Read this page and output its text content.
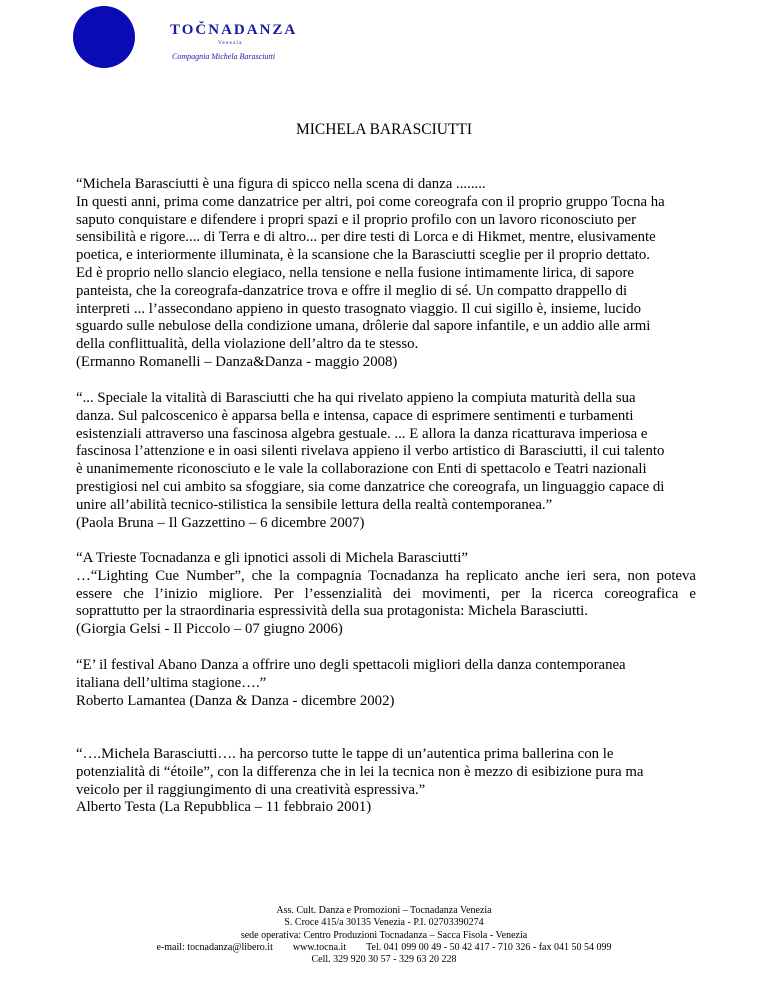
TOČNADANZA
Venezia
Compagnia Michela Barasciutti
MICHELA BARASCIUTTI
“Michela Barasciutti è una figura di spicco nella scena di danza ........
In questi anni, prima come danzatrice per altri, poi come coreografa con il proprio gruppo Tocna ha
saputo conquistare e difendere i propri spazi e il proprio profilo con un lavoro riconosciuto per
sensibilità e rigore.... di Terra e di altro... per dire testi di Lorca e di Hikmet, mentre, elusivamente
poetica, e interiormente illuminata, è la scansione che la Barasciutti sceglie per il proprio dettato.
Ed è proprio nello slancio elegiaco, nella tensione e nella fusione intimamente lirica, di sapore
panteista, che la coreografa-danzatrice trova e offre il meglio di sé. Un compatto drappello di
interpreti ... l’assecondano appieno in questo trasognato viaggio. Il cui sigillo è, insieme, lucido
sguardo sulle nebulose della condizione umana, drôlerie dal sapore infantile, e un addio alle armi
della conflittualità, della violazione dell’altro da te stesso.
(Ermanno Romanelli – Danza&Danza - maggio 2008)
“... Speciale la vitalità di Barasciutti che ha qui rivelato appieno la compiuta maturità della sua
danza. Sul palcoscenico è apparsa bella e intensa, capace di esprimere sentimenti e turbamenti
esistenziali attraverso una fascinosa algebra gestuale. ... E allora la danza ricatturava imperiosa e
fascinosa l’attenzione e in oasi silenti rivelava appieno il verbo artistico di Barasciutti, il cui talento
è unanimemente riconosciuto e le vale la collaborazione con Enti di spettacolo e Teatri nazionali
prestigiosi nel cui ambito sa sfoggiare, sia come danzatrice che coreografa, un linguaggio capace di
unire all’abilità tecnico-stilistica la sensibile lettura della realtà contemporanea.”
(Paola Bruna – Il Gazzettino – 6 dicembre 2007)
“A Trieste Tocnadanza e gli ipnotici assoli di Michela Barasciutti”
…“Lighting Cue Number”, che la compagnia Tocnadanza ha replicato anche ieri sera, non poteva
essere che l’inizio migliore. Per l’essenzialità dei movimenti, per la ricerca coreografica e
soprattutto per la straordinaria espressività della sua protagonista: Michela Barasciutti.
(Giorgia Gelsi - Il Piccolo – 07 giugno 2006)
“E’ il festival Abano Danza a offrire uno degli spettacoli migliori della danza contemporanea
italiana dell’ultima stagione….”
Roberto Lamantea (Danza & Danza - dicembre 2002)
“….Michela Barasciutti…. ha percorso tutte le tappe di un’autentica prima ballerina con le
potenzialità di “étoile”, con la differenza che in lei la tecnica non è mezzo di esibizione pura ma
veicolo per il raggiungimento di una creatività espressiva.”
Alberto Testa (La Repubblica – 11 febbraio 2001)
Ass. Cult. Danza e Promozioni – Tocnadanza Venezia
S. Croce 415/a 30135 Venezia - P.I. 02703390274
sede operativa: Centro Produzioni Tocnadanza – Sacca Fisola - Venezia
e-mail: tocnadanza@libero.it www.tocna.it Tel. 041 099 00 49 - 50 42 417 - 710 326 - fax 041 50 54 099
Cell. 329 920 30 57 - 329 63 20 228
